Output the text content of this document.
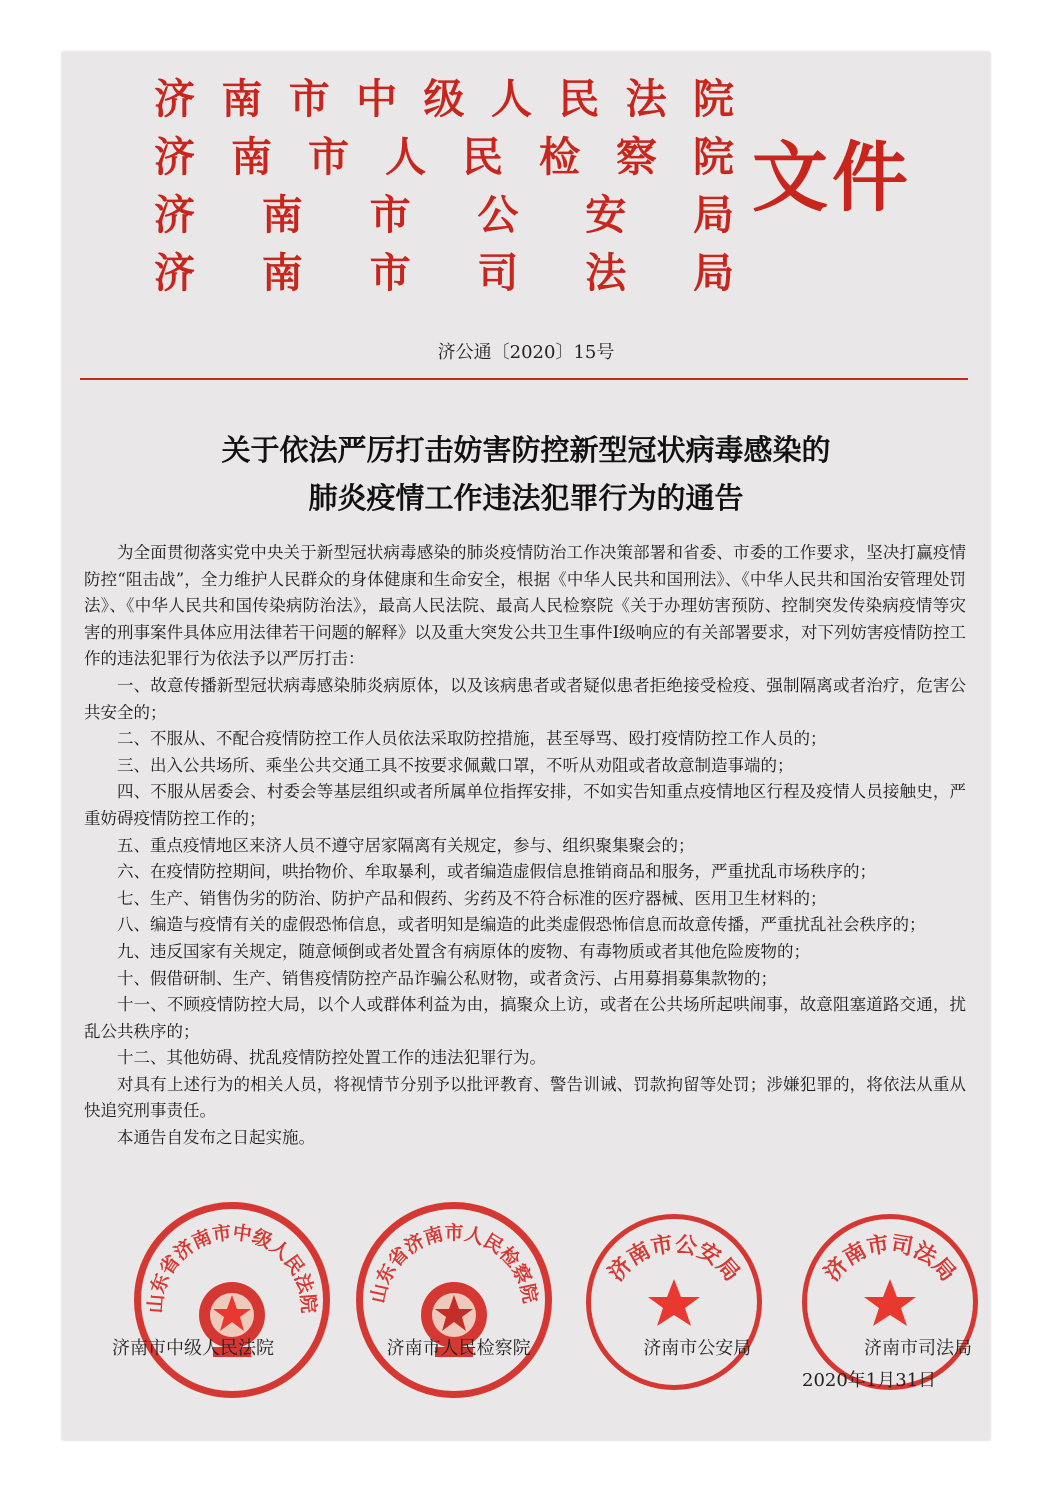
济 南 市 中 级 人 民 法 院
济 南 市 人 民 检 察 院
济 南 市 公 安 局
济 南 市 司 法 局
文件
济公通〔2020〕15号
关于依法严厉打击妨害防控新型冠状病毒感染的
肺炎疫情工作违法犯罪行为的通告

为全面贯彻落实党中央关于新型冠状病毒感染的肺炎疫情防治工作决策部署和省委、市委的工作要求，坚决打赢疫情防控“阻击战”，全力维护人民群众的身体健康和生命安全，根据《中华人民共和国刑法》、《中华人民共和国治安管理处罚法》、《中华人民共和国传染病防治法》，最高人民法院、最高人民检察院《关于办理妨害预防、控制突发传染病疫情等灾害的刑事案件具体应用法律若干问题的解释》以及重大突发公共卫生事件I级响应的有关部署要求，对下列妨害疫情防控工作的违法犯罪行为依法予以严厉打击：

一、故意传播新型冠状病毒感染肺炎病原体，以及该病患者或者疑似患者拒绝接受检疫、强制隔离或者治疗，危害公共安全的；

二、不服从、不配合疫情防控工作人员依法采取防控措施，甚至辱骂、殴打疫情防控工作人员的；

三、出入公共场所、乘坐公共交通工具不按要求佩戴口罩，不听从劝阻或者故意制造事端的；

四、不服从居委会、村委会等基层组织或者所属单位指挥安排，不如实告知重点疫情地区行程及疫情人员接触史，严重妨碍疫情防控工作的；

五、重点疫情地区来济人员不遵守居家隔离有关规定，参与、组织聚集聚会的；

六、在疫情防控期间，哄抬物价、牟取暴利，或者编造虚假信息推销商品和服务，严重扰乱市场秩序的；

七、生产、销售伪劣的防治、防护产品和假药、劣药及不符合标准的医疗器械、医用卫生材料的；

八、编造与疫情有关的虚假恐怖信息，或者明知是编造的此类虚假恐怖信息而故意传播，严重扰乱社会秩序的；

九、违反国家有关规定，随意倾倒或者处置含有病原体的废物、有毒物质或者其他危险废物的；

十、假借研制、生产、销售疫情防控产品诈骗公私财物，或者贪污、占用募捐募集款物的；

十一、不顾疫情防控大局，以个人或群体利益为由，搞聚众上访，或者在公共场所起哄闹事，故意阻塞道路交通，扰乱公共秩序的；

十二、其他妨碍、扰乱疫情防控处置工作的违法犯罪行为。

对具有上述行为的相关人员，将视情节分别予以批评教育、警告训诫、罚款拘留等处罚；涉嫌犯罪的，将依法从重从快追究刑事责任。

本通告自发布之日起实施。

山东省济南市中级人民法院 山东省济南市人民检察院
济南市公安局	济南市司法局
济南市中级人民法院	济南市人民检察院	济南市公安局	济南市司法局
2020年1月31日
